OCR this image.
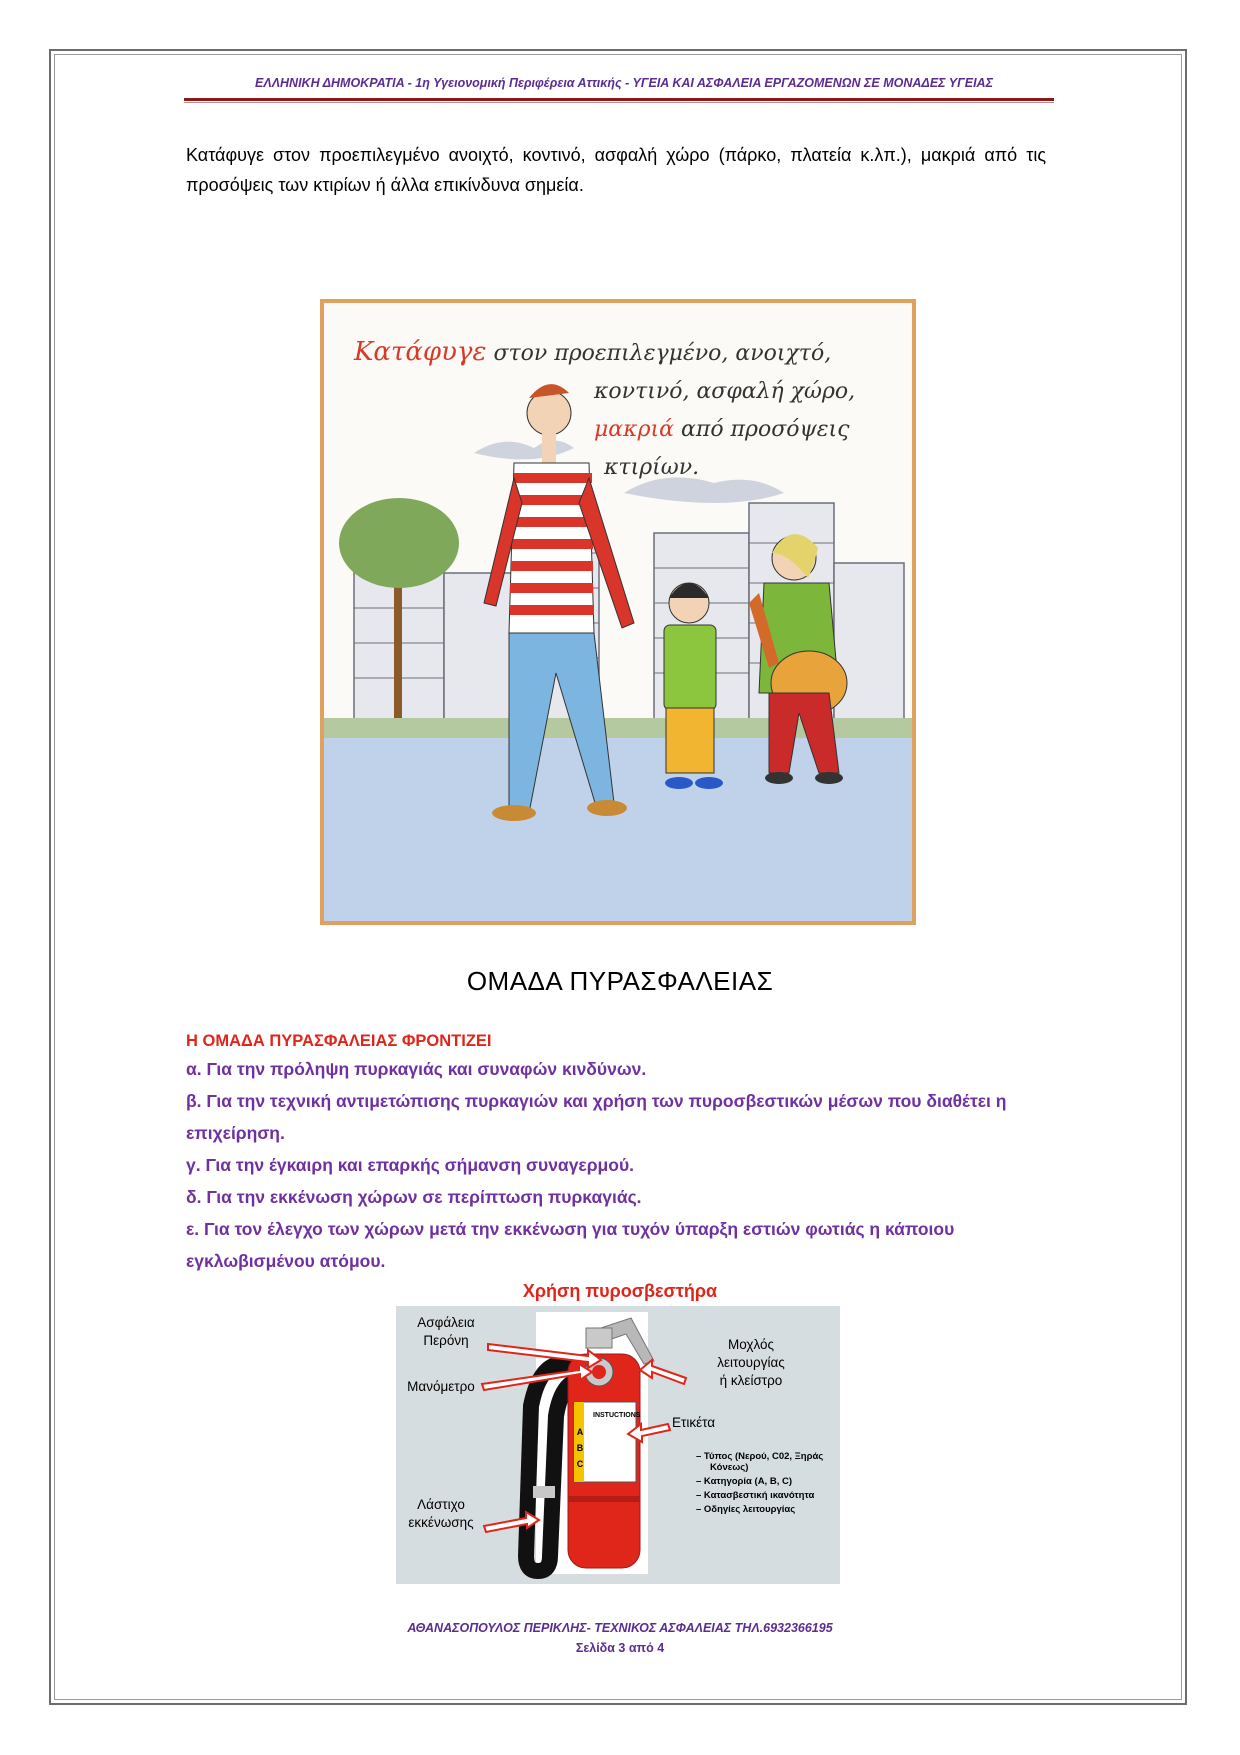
ΕΛΛΗΝΙΚΗ ΔΗΜΟΚΡΑΤΙΑ - 1η Υγειονομική Περιφέρεια Αττικής - ΥΓΕΙΑ ΚΑΙ ΑΣΦΑΛΕΙΑ ΕΡΓΑΖΟΜΕΝΩΝ ΣΕ ΜΟΝΑΔΕΣ ΥΓΕΙΑΣ
Κατάφυγε στον προεπιλεγμένο ανοιχτό, κοντινό, ασφαλή χώρο (πάρκο, πλατεία κ.λπ.), μακριά από τις προσόψεις των κτιρίων ή άλλα επικίνδυνα σημεία.
Κατάφυγε στον προεπιλεγμένο, ανοιχτό,
κοντινό, ασφαλή χώρο,
μακριά από προσόψεις
κτιρίων.
ΟΜΑΔΑ ΠΥΡΑΣΦΑΛΕΙΑΣ
Η ΟΜΑΔΑ ΠΥΡΑΣΦΑΛΕΙΑΣ ΦΡΟΝΤΙΖΕΙ
α. Για την πρόληψη πυρκαγιάς και συναφών κινδύνων.
β. Για την τεχνική αντιμετώπισης πυρκαγιών και χρήση των πυροσβεστικών μέσων που διαθέτει η επιχείρηση.
γ. Για την έγκαιρη και επαρκής σήμανση συναγερμού.
δ. Για την εκκένωση χώρων σε περίπτωση πυρκαγιάς.
ε. Για τον έλεγχο των χώρων μετά την εκκένωση για τυχόν ύπαρξη εστιών φωτιάς η κάποιου εγκλωβισμένου ατόμου.
Χρήση πυροσβεστήρα
INSTUCTIONS
A
B
C
Ασφάλεια
Περόνη
Μανόμετρο
Μοχλός
λειτουργίας
ή κλείστρο
Ετικέτα
Λάστιχο
εκκένωσης
– Τύπος (Νερού, C02, Ξηράς Κόνεως)
– Κατηγορία (A, B, C)
– Κατασβεστική ικανότητα
– Οδηγίες λειτουργίας
ΑΘΑΝΑΣΟΠΟΥΛΟΣ ΠΕΡΙΚΛΗΣ- ΤΕΧΝΙΚΟΣ ΑΣΦΑΛΕΙΑΣ ΤΗΛ.6932366195
Σελίδα 3 από 4
